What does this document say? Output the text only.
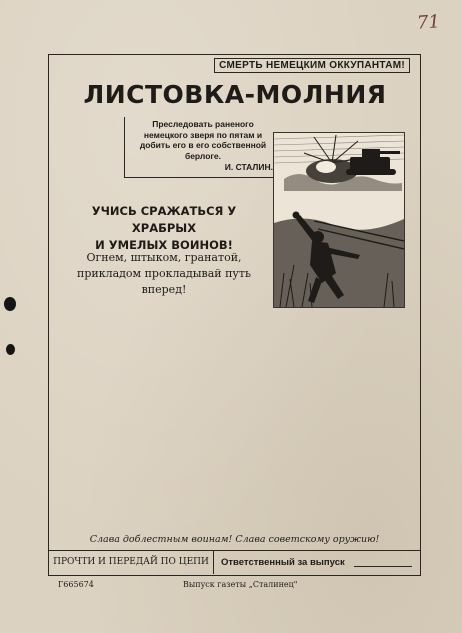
71
СМЕРТЬ НЕМЕЦКИМ ОККУПАНТАМ!
ЛИСТОВКА-МОЛНИЯ
Преследовать раненого немецкого зверя по пятам и добить его в его собственной берлоге.
И. СТАЛИН.
УЧИСЬ СРАЖАТЬСЯ У ХРАБРЫХ
И УМЕЛЫХ ВОИНОВ!
Огнем, штыком, гранатой, прикладом прокладывай путь вперед!
Слава доблестным воинам! Слава советскому оружию!
ПРОЧТИ И ПЕРЕДАЙ ПО ЦЕПИ	Ответственный за выпуск
Г665674	Выпуск газеты „Сталинец"
